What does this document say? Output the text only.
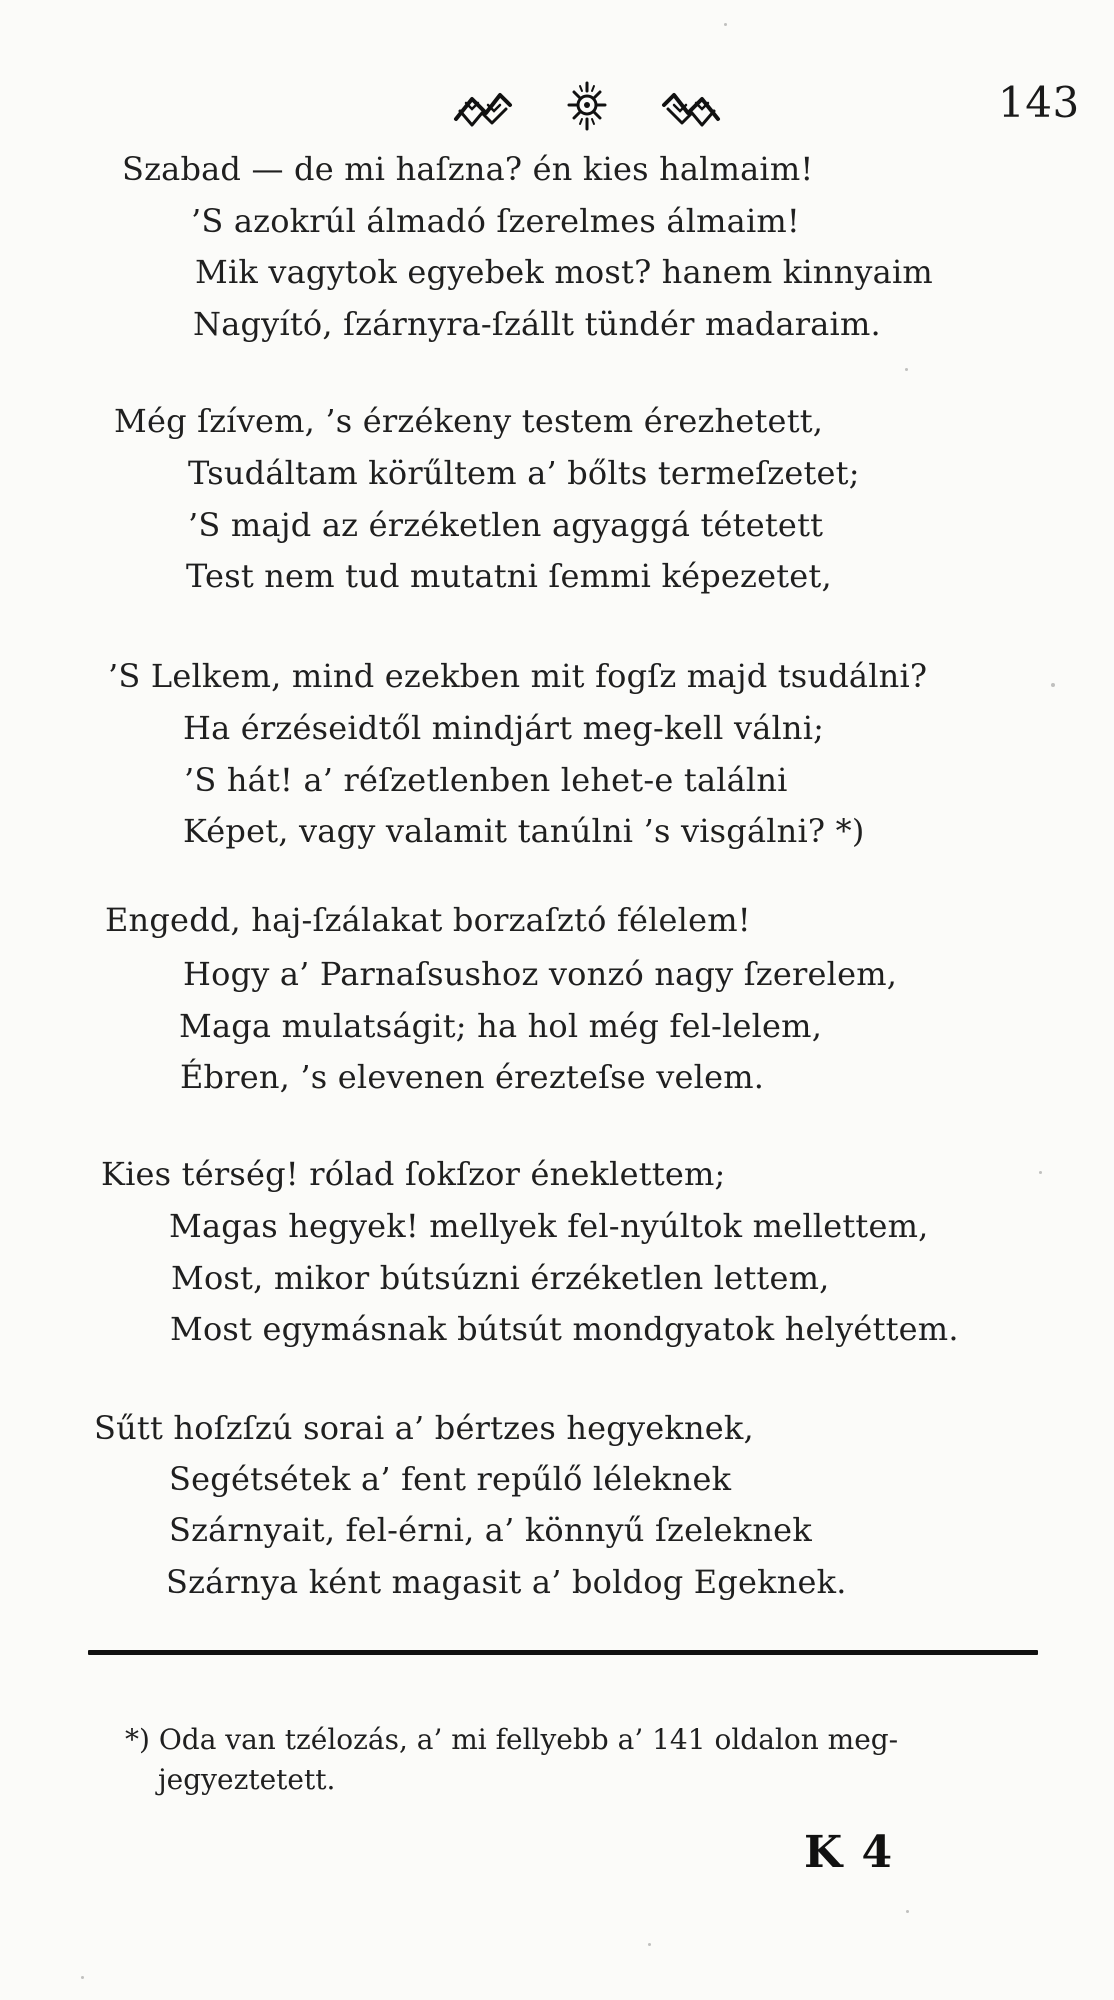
143
Szabad — de mi haſzna? én kies halmaim!
’S azokrúl álmadó ſzerelmes álmaim!
Mik vagytok egyebek most? hanem kinnyaim
Nagyító, ſzárnyra-ſzállt tündér madaraim.
Még ſzívem, ’s érzékeny testem érezhetett,
Tsudáltam körűltem a’ bőlts termeſzetet;
’S majd az érzéketlen agyaggá tétetett
Test nem tud mutatni ſemmi képezetet,
’S Lelkem, mind ezekben mit fogſz majd tsudálni?
Ha érzéseidtől mindjárt meg-kell válni;
’S hát! a’ réſzetlenben lehet-e találni
Képet, vagy valamit tanúlni ’s visgálni? *)
Engedd, haj-ſzálakat borzaſztó félelem!
Hogy a’ Parnaſsushoz vonzó nagy ſzerelem,
Maga mulatságit; ha hol még fel-lelem,
Ébren, ’s elevenen érezteſse velem.
Kies térség! rólad ſokſzor éneklettem;
Magas hegyek! mellyek fel-nyúltok mellettem,
Most, mikor bútsúzni érzéketlen lettem,
Most egymásnak bútsút mondgyatok helyéttem.
Sűtt hoſzſzú sorai a’ bértzes hegyeknek,
Segétsétek a’ fent repűlő léleknek
Szárnyait, fel-érni, a’ könnyű ſzeleknek
Szárnya ként magasit a’ boldog Egeknek.
*) Oda van tzélozás, a’ mi fellyebb a’ 141 oldalon meg-
jegyeztetett.
K 4
